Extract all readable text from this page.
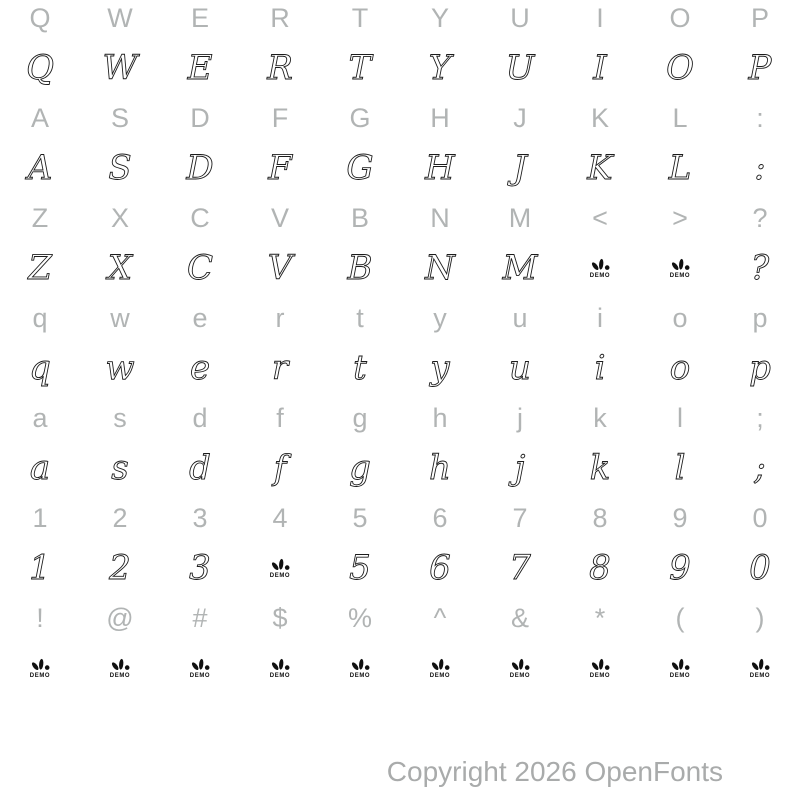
Q W E R T Y U I O P
Q W E R T Y U I O P
A S D F G H J K L	:
A S D F G H J K L :
Z X C V B N M < > ?
Z X C V B N M	DEMO	DEMO ?
q w e	r	t	y u	i	o p
q w e r t y u i o p
a s d	f	g h	j	k	l	;
a s d f g h j k l ;
1 2 3 4 5 6 7 8 9 0
1 2 3	DEMO 5 6 7 8 9 0
! @ # $ % ^ & *	(	)
DEMO	DEMO	DEMO	DEMO	DEMO	DEMO	DEMO	DEMO	DEMO	DEMO
Copyright 2026 OpenFonts
